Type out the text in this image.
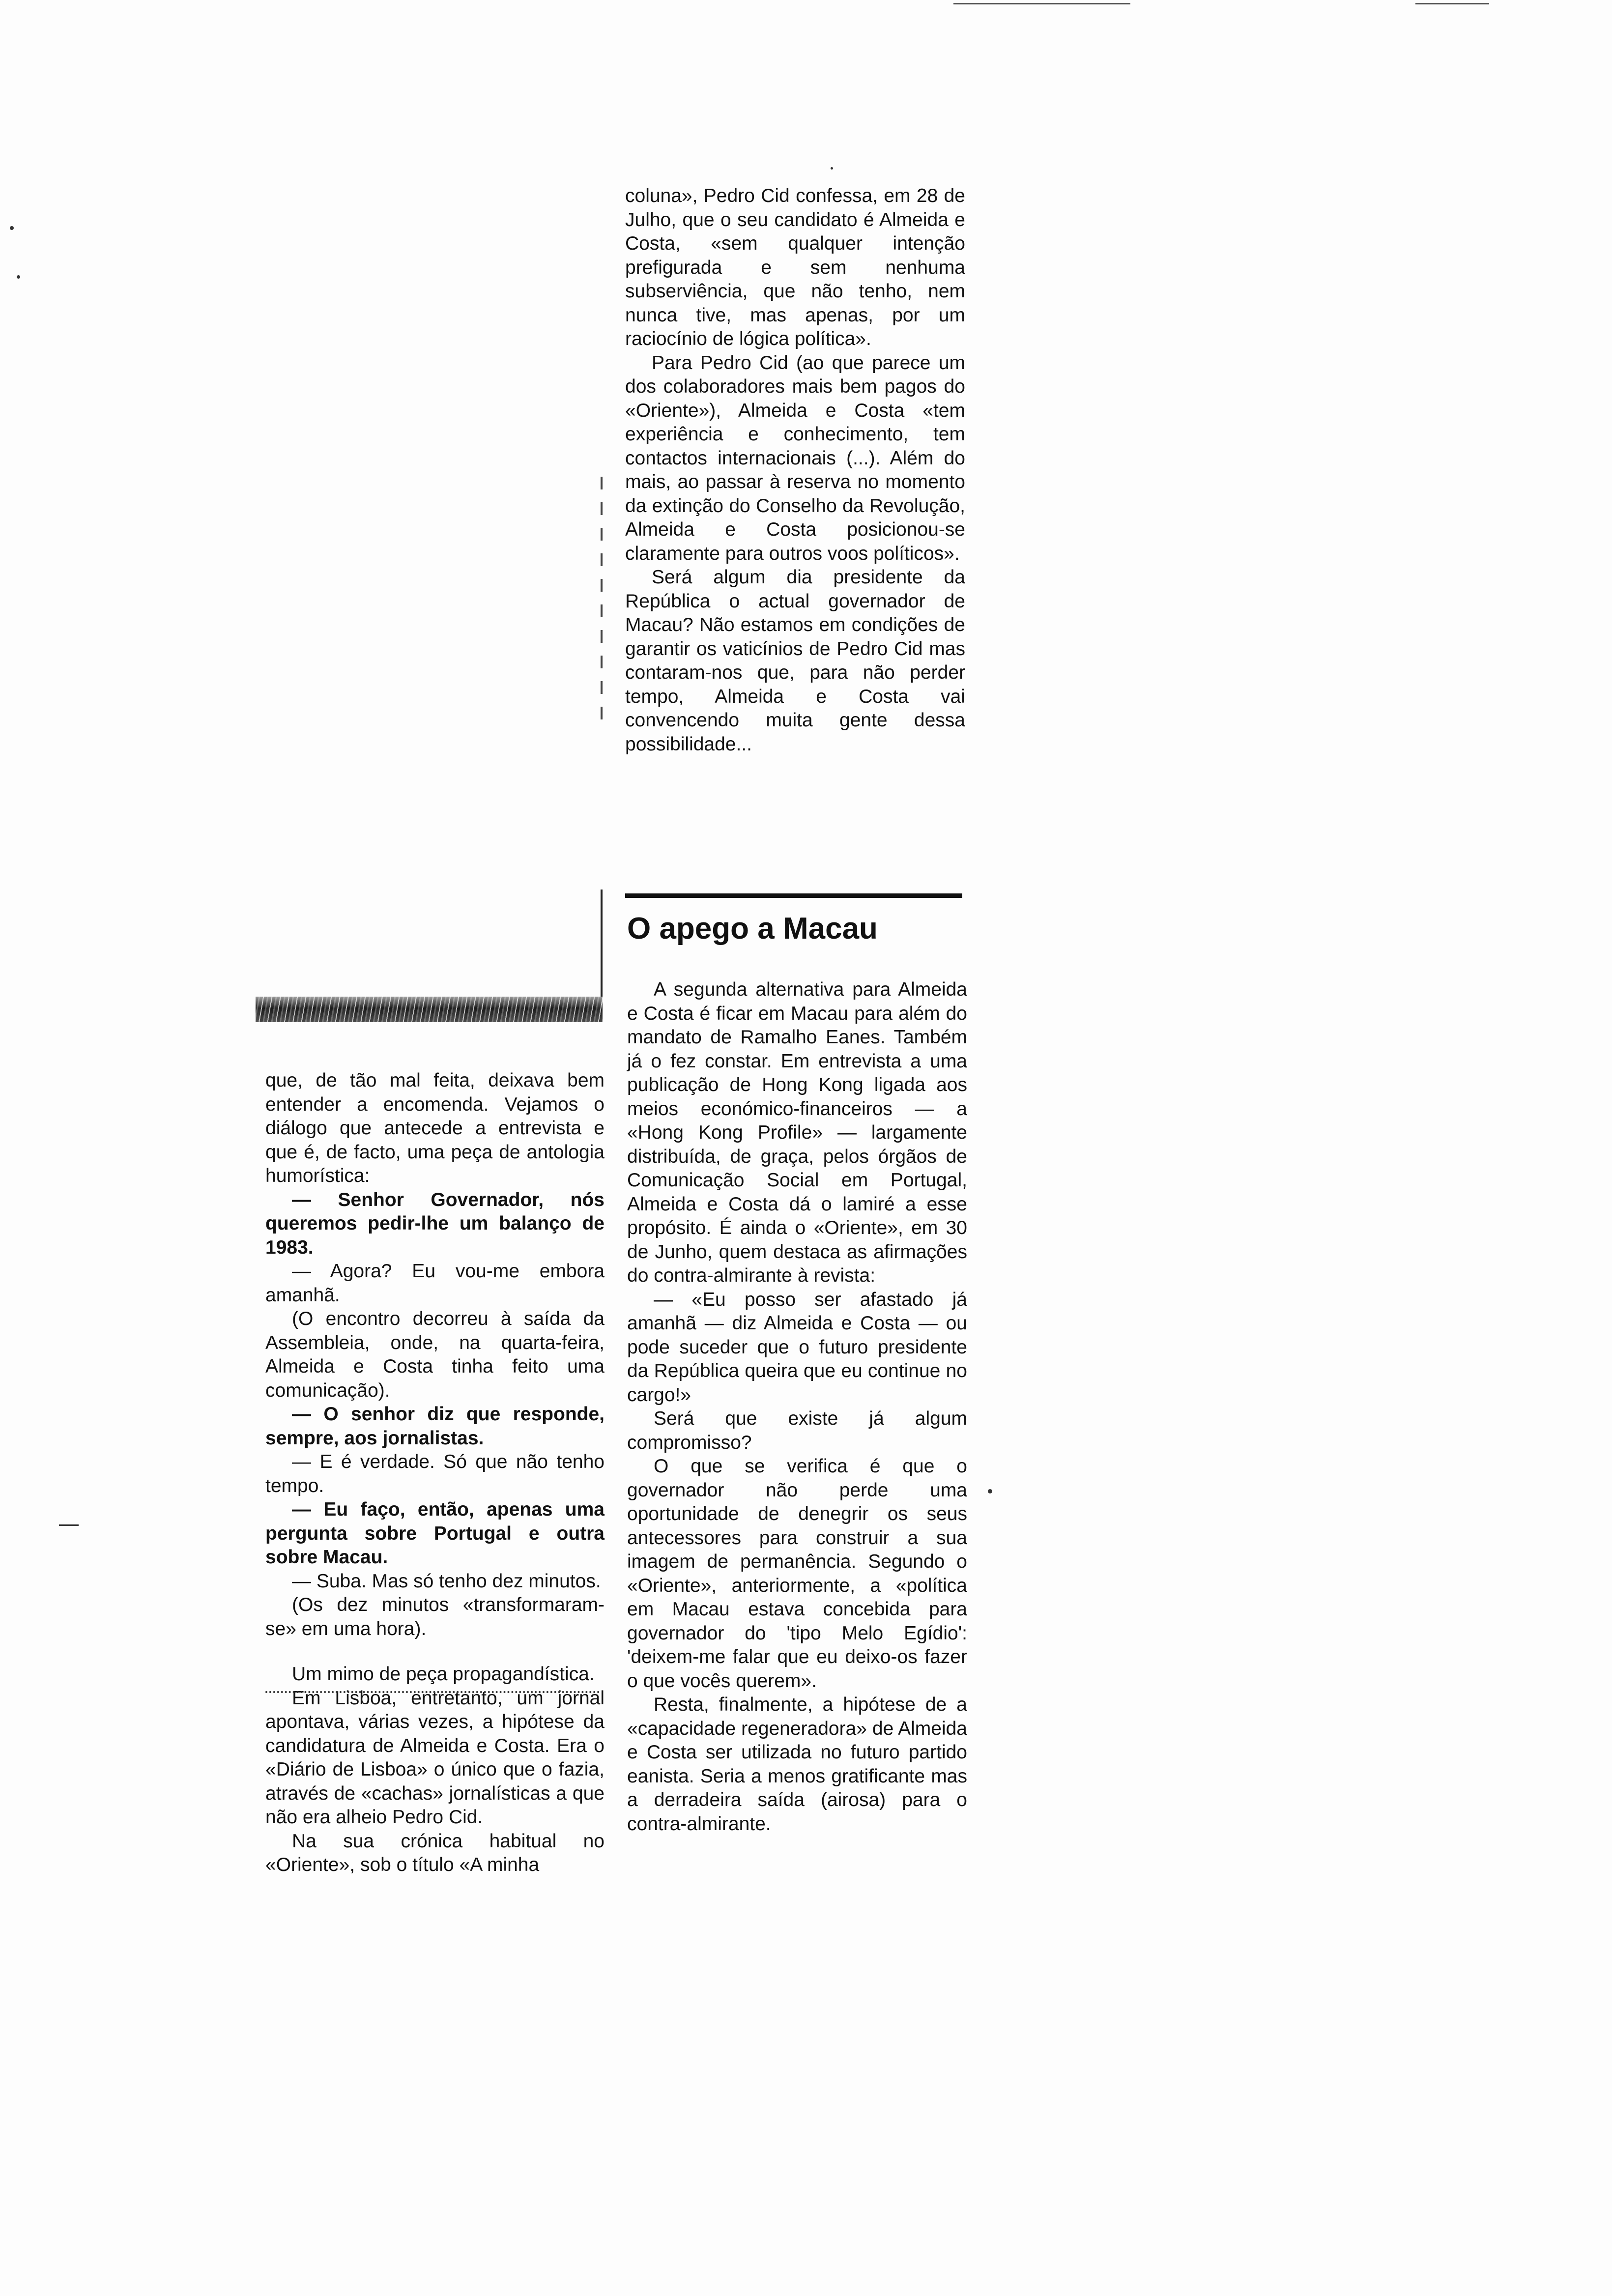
coluna», Pedro Cid confessa, em 28 de Julho, que o seu candidato é Almeida e Costa, «sem qualquer intenção prefigurada e sem nenhuma subserviência, que não tenho, nem nunca tive, mas apenas, por um raciocínio de lógica política».

Para Pedro Cid (ao que parece um dos colaboradores mais bem pagos do «Oriente»), Almeida e Costa «tem experiência e conhecimento, tem contactos internacionais (...). Além do mais, ao passar à reserva no momento da extinção do Conselho da Revolução, Almeida e Costa posicionou-se claramente para outros voos políticos».

Será algum dia presidente da República o actual governador de Macau? Não estamos em condições de garantir os vaticínios de Pedro Cid mas contaram-nos que, para não perder tempo, Almeida e Costa vai convencendo muita gente dessa possibilidade...

O apego a Macau

que, de tão mal feita, deixava bem entender a encomenda. Vejamos o diálogo que antecede a entrevista e que é, de facto, uma peça de antologia humorística:

— Senhor Governador, nós queremos pedir-lhe um balanço de 1983.

— Agora? Eu vou-me embora amanhã.

(O encontro decorreu à saída da Assembleia, onde, na quarta-feira, Almeida e Costa tinha feito uma comunicação).

— O senhor diz que responde, sempre, aos jornalistas.

— E é verdade. Só que não tenho tempo.

— Eu faço, então, apenas uma pergunta sobre Portugal e outra sobre Macau.

— Suba. Mas só tenho dez minutos.

(Os dez minutos «transformaram-se» em uma hora).

Um mimo de peça propagandística.

Em Lisboa, entretanto, um jornal apontava, várias vezes, a hipótese da candidatura de Almeida e Costa. Era o «Diário de Lisboa» o único que o fazia, através de «cachas» jornalísticas a que não era alheio Pedro Cid.

Na sua crónica habitual no «Oriente», sob o título «A minha

A segunda alternativa para Almeida e Costa é ficar em Macau para além do mandato de Ramalho Eanes. Também já o fez constar. Em entrevista a uma publicação de Hong Kong ligada aos meios económico-financeiros — a «Hong Kong Profile» — largamente distribuída, de graça, pelos órgãos de Comunicação Social em Portugal, Almeida e Costa dá o lamiré a esse propósito. É ainda o «Oriente», em 30 de Junho, quem destaca as afirmações do contra-almirante à revista:

— «Eu posso ser afastado já amanhã — diz Almeida e Costa — ou pode suceder que o futuro presidente da República queira que eu continue no cargo!»

Será que existe já algum compromisso?

O que se verifica é que o governador não perde uma oportunidade de denegrir os seus antecessores para construir a sua imagem de permanência. Segundo o «Oriente», anteriormente, a «política em Macau estava concebida para governador do 'tipo Melo Egídio': 'deixem-me falar que eu deixo-os fazer o que vocês querem».

Resta, finalmente, a hipótese de a «capacidade regeneradora» de Almeida e Costa ser utilizada no futuro partido eanista. Seria a menos gratificante mas a derradeira saída (airosa) para o contra-almirante.
